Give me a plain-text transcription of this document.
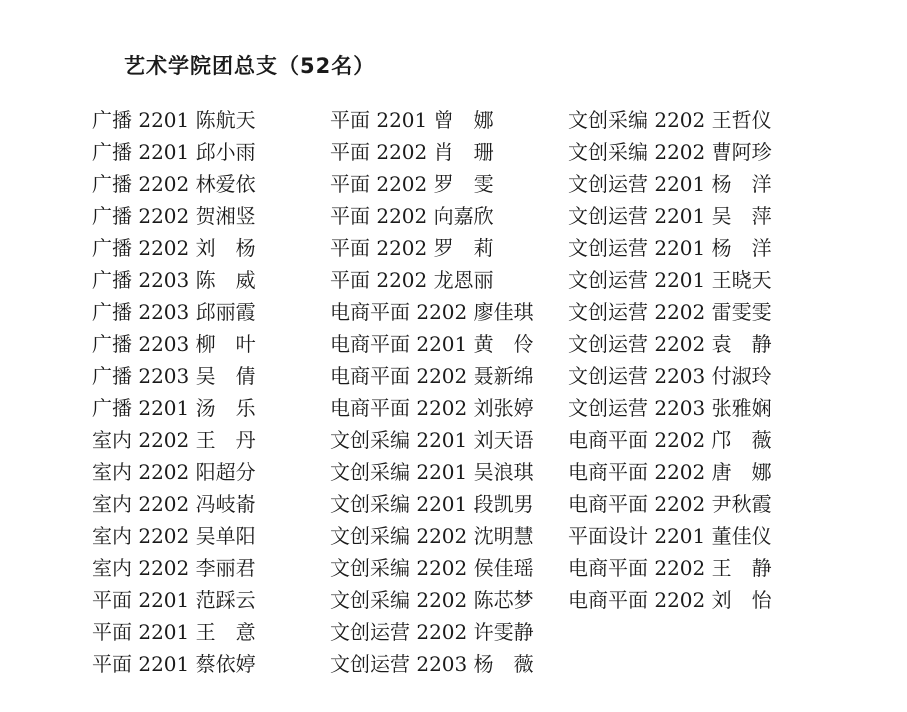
艺术学院团总支（52名）
广播 2201 陈航天
广播 2201 邱小雨
广播 2202 林爱依
广播 2202 贺湘竖
广播 2202 刘　杨
广播 2203 陈　威
广播 2203 邱丽霞
广播 2203 柳　叶
广播 2203 吴　倩
广播 2201 汤　乐
室内 2202 王　丹
室内 2202 阳超分
室内 2202 冯岐嵛
室内 2202 吴单阳
室内 2202 李丽君
平面 2201 范踩云
平面 2201 王　意
平面 2201 蔡依婷
平面 2201 曾　娜
平面 2202 肖　珊
平面 2202 罗　雯
平面 2202 向嘉欣
平面 2202 罗　莉
平面 2202 龙恩丽
电商平面 2202 廖佳琪
电商平面 2201 黄　伶
电商平面 2202 聂新绵
电商平面 2202 刘张婷
文创采编 2201 刘天语
文创采编 2201 吴浪琪
文创采编 2201 段凯男
文创采编 2202 沈明慧
文创采编 2202 侯佳瑶
文创采编 2202 陈芯梦
文创运营 2202 许雯静
文创运营 2203 杨　薇
文创采编 2202 王哲仪
文创采编 2202 曹阿珍
文创运营 2201 杨　洋
文创运营 2201 吴　萍
文创运营 2201 杨　洋
文创运营 2201 王晓天
文创运营 2202 雷雯雯
文创运营 2202 袁　静
文创运营 2203 付淑玲
文创运营 2203 张雅娴
电商平面 2202 邝　薇
电商平面 2202 唐　娜
电商平面 2202 尹秋霞
平面设计 2201 董佳仪
电商平面 2202 王　静
电商平面 2202 刘　怡
